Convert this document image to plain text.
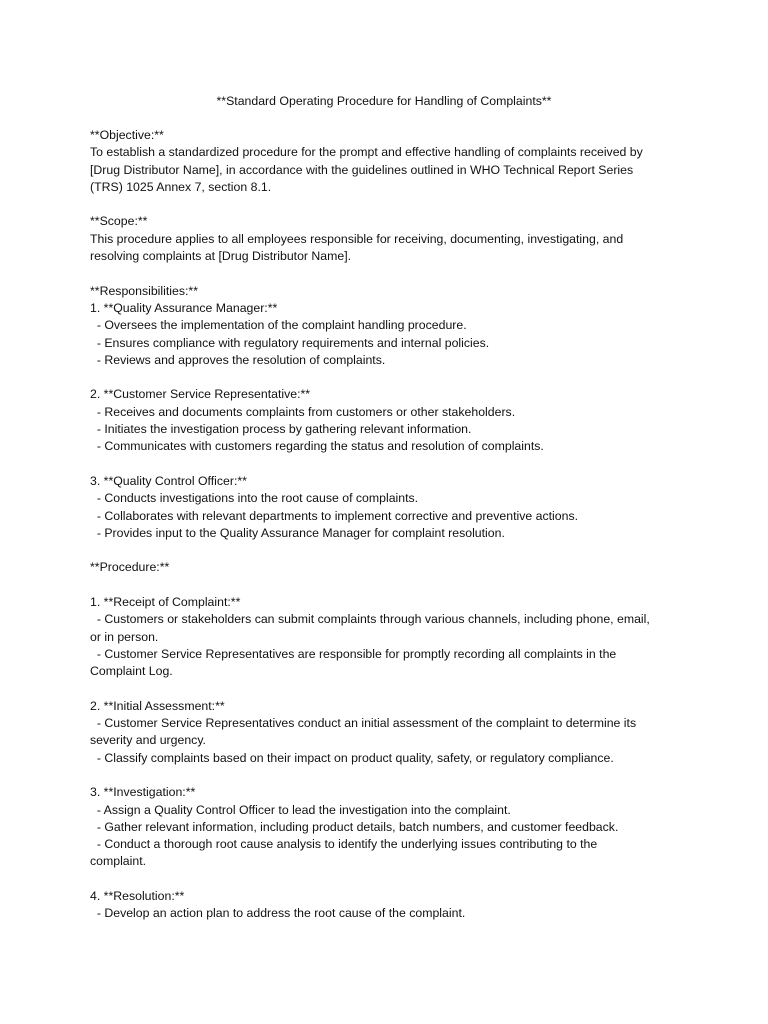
**Standard Operating Procedure for Handling of Complaints**
**Objective:**
To establish a standardized procedure for the prompt and effective handling of complaints received by
[Drug Distributor Name], in accordance with the guidelines outlined in WHO Technical Report Series
(TRS) 1025 Annex 7, section 8.1.
**Scope:**
This procedure applies to all employees responsible for receiving, documenting, investigating, and
resolving complaints at [Drug Distributor Name].
**Responsibilities:**
1. **Quality Assurance Manager:**
- Oversees the implementation of the complaint handling procedure.
- Ensures compliance with regulatory requirements and internal policies.
- Reviews and approves the resolution of complaints.
2. **Customer Service Representative:**
- Receives and documents complaints from customers or other stakeholders.
- Initiates the investigation process by gathering relevant information.
- Communicates with customers regarding the status and resolution of complaints.
3. **Quality Control Officer:**
- Conducts investigations into the root cause of complaints.
- Collaborates with relevant departments to implement corrective and preventive actions.
- Provides input to the Quality Assurance Manager for complaint resolution.
**Procedure:**
1. **Receipt of Complaint:**
- Customers or stakeholders can submit complaints through various channels, including phone, email,
or in person.
- Customer Service Representatives are responsible for promptly recording all complaints in the
Complaint Log.
2. **Initial Assessment:**
- Customer Service Representatives conduct an initial assessment of the complaint to determine its
severity and urgency.
- Classify complaints based on their impact on product quality, safety, or regulatory compliance.
3. **Investigation:**
- Assign a Quality Control Officer to lead the investigation into the complaint.
- Gather relevant information, including product details, batch numbers, and customer feedback.
- Conduct a thorough root cause analysis to identify the underlying issues contributing to the
complaint.
4. **Resolution:**
- Develop an action plan to address the root cause of the complaint.
